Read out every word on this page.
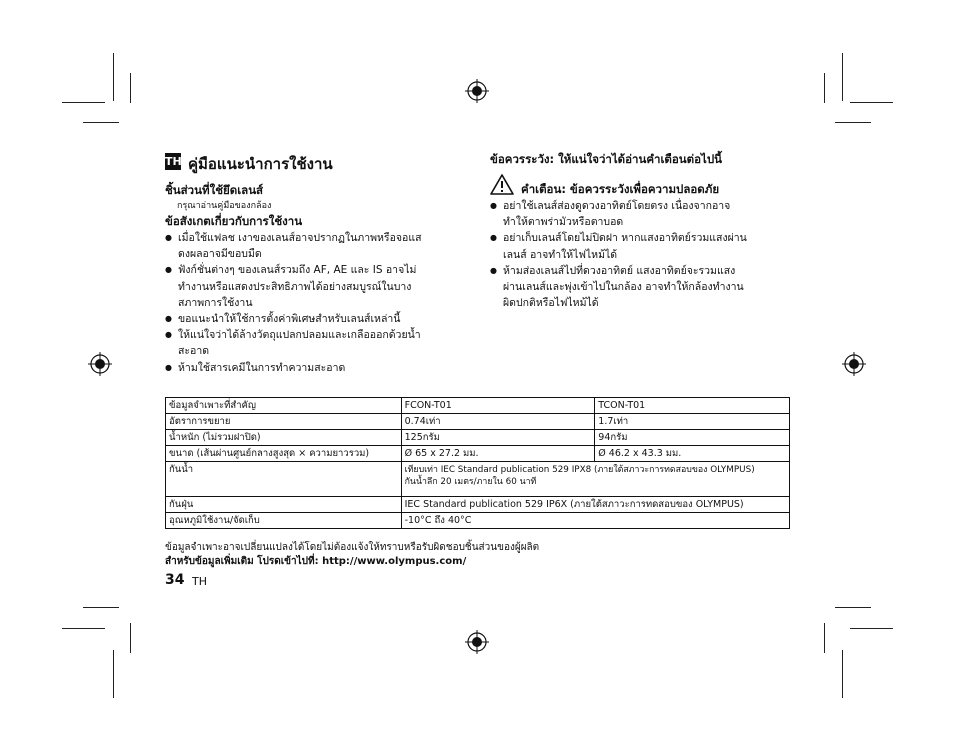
TH คู่มือแนะนำการใช้งาน
ชิ้นส่วนที่ใช้ยึดเลนส์
กรุณาอ่านคู่มือของกล้อง
ข้อสังเกตเกี่ยวกับการใช้งาน
● เมื่อใช้แฟลช เงาของเลนส์อาจปรากฏในภาพหรือจอแส
ดงผลอาจมีขอบมืด
● ฟังก์ชั่นต่างๆ ของเลนส์รวมถึง AF, AE และ IS อาจไม่
ทำงานหรือแสดงประสิทธิภาพได้อย่างสมบูรณ์ในบาง
สภาพการใช้งาน
● ขอแนะนำให้ใช้การตั้งค่าพิเศษสำหรับเลนส์เหล่านี้
● ให้แน่ใจว่าได้ล้างวัตถุแปลกปลอมและเกลือออกด้วยน้ำ
สะอาด
● ห้ามใช้สารเคมีในการทำความสะอาด
ข้อควรระวัง: ให้แน่ใจว่าได้อ่านคำเตือนต่อไปนี้
คำเตือน: ข้อควรระวังเพื่อความปลอดภัย
● อย่าใช้เลนส์ส่องดูดวงอาทิตย์โดยตรง เนื่องจากอาจ
ทำให้ตาพร่ามัวหรือตาบอด
● อย่าเก็บเลนส์โดยไม่ปิดฝา หากแสงอาทิตย์รวมแสงผ่าน
เลนส์ อาจทำให้ไฟไหม้ได้
● ห้ามส่องเลนส์ไปที่ดวงอาทิตย์ แสงอาทิตย์จะรวมแสง
ผ่านเลนส์และพุ่งเข้าไปในกล้อง อาจทำให้กล้องทำงาน
ผิดปกติหรือไฟไหม้ได้
ข้อมูลจำเพาะที่สำคัญ	FCON-T01	TCON-T01
อัตราการขยาย	0.74เท่า	1.7เท่า
น้ำหนัก (ไม่รวมฝาปิด)	125กรัม	94กรัม
ขนาด (เส้นผ่านศูนย์กลางสูงสุด × ความยาวรวม)	Ø 65 x 27.2 มม.	Ø 46.2 x 43.3 มม.
กันน้ำ	เทียบเท่า IEC Standard publication 529 IPX8 (ภายใต้สภาวะการทดสอบของ OLYMPUS)
กันน้ำลึก 20 เมตร/ภายใน 60 นาที	

กันฝุ่น	IEC Standard publication 529 IP6X (ภายใต้สภาวะการทดสอบของ OLYMPUS)	
อุณหภูมิใช้งาน/จัดเก็บ	-10°C ถึง 40°C	
ข้อมูลจำเพาะอาจเปลี่ยนแปลงได้โดยไม่ต้องแจ้งให้ทราบหรือรับผิดชอบชิ้นส่วนของผู้ผลิต
สำหรับข้อมูลเพิ่มเติม โปรดเข้าไปที่: http://www.olympus.com/
34 TH
